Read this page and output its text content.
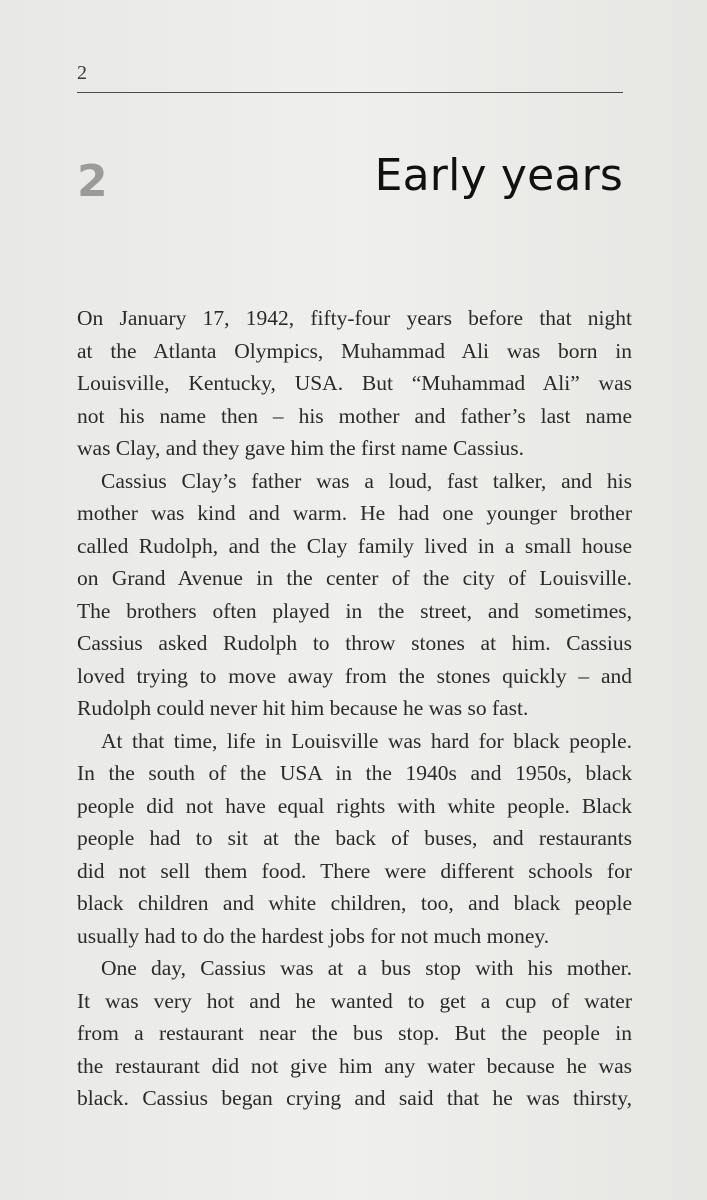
2
2	Early years

On January 17, 1942, fifty-four years before that night
at the Atlanta Olympics, Muhammad Ali was born in
Louisville, Kentucky, USA. But “Muhammad Ali” was
not his name then – his mother and father’s last name
was Clay, and they gave him the first name Cassius.

Cassius Clay’s father was a loud, fast talker, and his
mother was kind and warm. He had one younger brother
called Rudolph, and the Clay family lived in a small house
on Grand Avenue in the center of the city of Louisville.
The brothers often played in the street, and sometimes,
Cassius asked Rudolph to throw stones at him. Cassius
loved trying to move away from the stones quickly – and
Rudolph could never hit him because he was so fast.

At that time, life in Louisville was hard for black people.
In the south of the USA in the 1940s and 1950s, black
people did not have equal rights with white people. Black
people had to sit at the back of buses, and restaurants
did not sell them food. There were different schools for
black children and white children, too, and black people
usually had to do the hardest jobs for not much money.

One day, Cassius was at a bus stop with his mother.
It was very hot and he wanted to get a cup of water
from a restaurant near the bus stop. But the people in
the restaurant did not give him any water because he was
black. Cassius began crying and said that he was thirsty,
